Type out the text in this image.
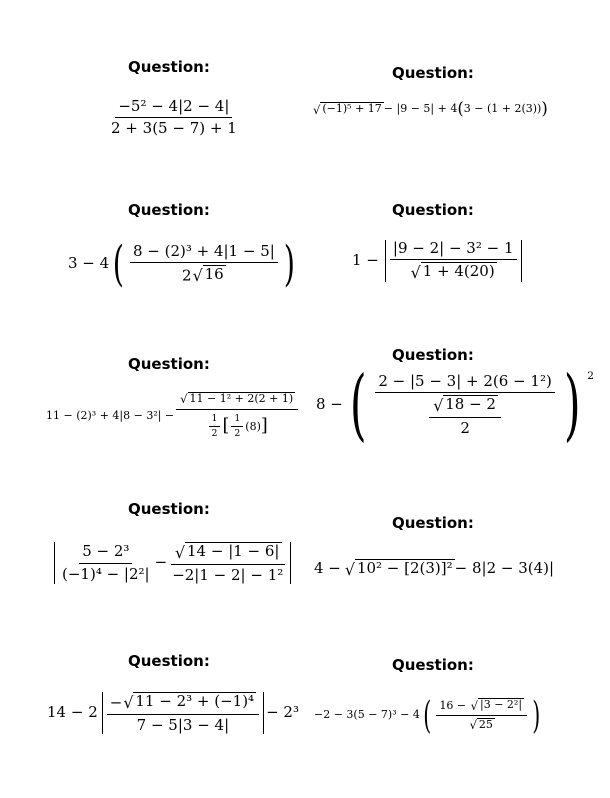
Question:	Question:
Question:	Question:
Question:	Question:
Question:
Question:
Question:	Question:
$\frac{\text{−5² − 4|2 − 4|}}{2 + 3(5 - 7) + 1}$	√ (−1)⁵ + 17 − |9 − 5| + 4 ( 3 − (1 + 2(3)) )
3 − 4 ( $\frac{\text{8 − (2)³ + 4|1 − 5|}}{2 √ 16}$ )	$1 - \frac{\text{|9 − 2| − 3² − 1}}{√ 1 + 4(20)}$
$11 - (2)^3 + 4|8 - 3^2| - \frac{\text{√ 11 − 1² + 2(2 + 1)}}{\frac{1}{2} [ \frac{1}{2} (8) ]} 8$ − ( $\frac{\text{2 − |5 − 3| + 2(6 − 1²)}}{\frac{√ 18 - 2}{2}}$ ) 2
$\frac{\text{5 − 2³}}{\text{(−1)⁴ − |2²|}} - \frac{√ 14 - |1 - 6|}{\text{−2|1 − 2| − 1²}} 4$ − √ 10² − [2(3)]² − 8|2 − 3(4)|
$14 - 2 \frac{\text{− √ 11 − 2³ + (−1)⁴}}{7 - 5|3 - 4|} - 2^3 -2 - 3(5 - 7)^3 - 4$ ( $\frac{\text{16 − √ |3 − 2²|}}{√ 25}$ )
